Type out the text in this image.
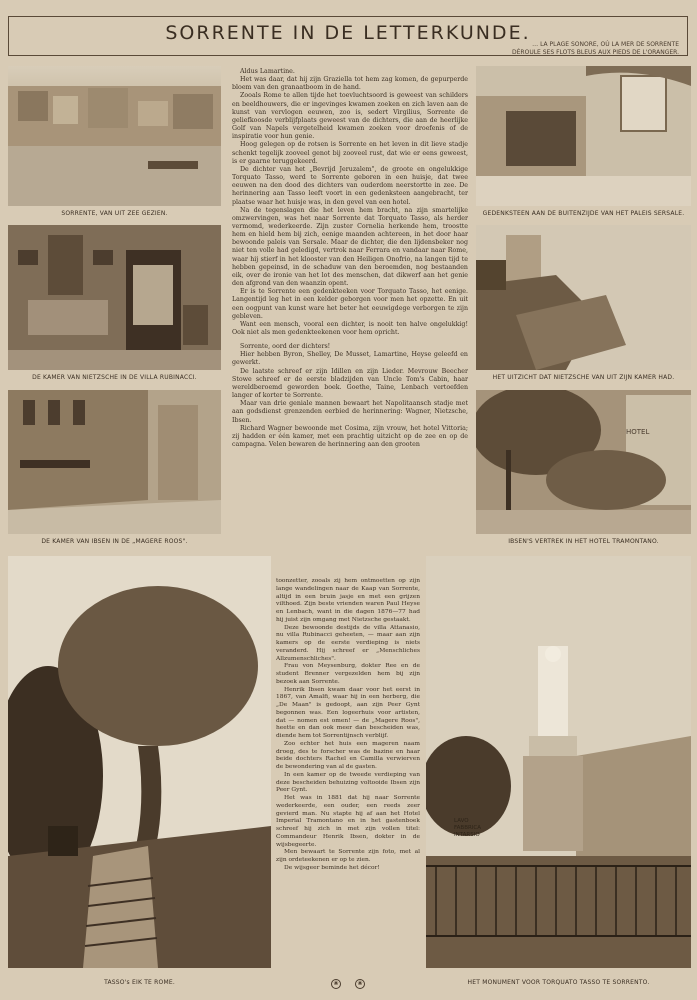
SORRENTE IN DE LETTERKUNDE.
… LA PLAGE SONORE, OÙ LA MER DE SORRENTE
DÉROULE SES FLOTS BLEUS AUX PIEDS DE L'ORANGER.
SORRENTE, VAN UIT ZEE GEZIEN.
DE KAMER VAN NIETZSCHE IN DE VILLA RUBINACCI.
DE KAMER VAN IBSEN IN DE „MAGERE ROOS".
GEDENKSTEEN AAN DE BUITENZIJDE VAN HET PALEIS SERSALE.
HET UITZICHT DAT NIETZSCHE VAN UIT ZIJN KAMER HAD.
HOTEL
IBSEN'S VERTREK IN HET HOTEL TRAMONTANO.
TASSO's EIK TE ROME.
LAVO
FABBRICA
INTARSIO
HET MONUMENT VOOR TORQUATO TASSO TE SORRENTO.

Aldus Lamartine.

Het was daar, dat hij zijn Graziella tot hem zag komen, de gepurperde bloem van den granaatboom in de hand.

Zooals Rome te allen tijde het toevluchtsoord is geweest van schilders en beeldhouwers, die er ingevinges kwamen zoeken en zich laven aan de kunst van vervlogen eeuwen, zoo is, sedert Virgilius, Sorrente de geliefkoosde verblijfplaats geweest van de dichters, die aan de heerlijke Golf van Napels vergetelheid kwamen zoeken voor droefenis of de inspiratie voor hun genie.

Hoog gelegen op de rotsen is Sorrente en het leven in dit lieve stadje schenkt tegelijk zooveel genot bij zooveel rust, dat wie er eens geweest, is er gaarne teruggekeerd.

De dichter van het „Bevrijd Jeruzalem", de groote en ongelukkige Torquato Tasso, werd te Sorrente geboren in een huisje, dat twee eeuwen na den dood des dichters van ouderdom neerstortte in zee. De herinnering aan Tasso leeft voort in een gedenksteen aangebracht, ter plaatse waar het huisje was, in den gevel van een hotel.

Na de tegenslagen die het leven hem bracht, na zijn smartelijke omzwervingen, was het naar Sorrente dat Torquato Tasso, als herder vermomd, wederkeerde. Zijn zuster Cornelia herkende hem, troostte hem en hield hem bij zich, eenige maanden achtereen, in het door haar bewoonde paleis van Sersale. Maar de dichter, die den lijdensbeker nog niet ten volle had geledigd, vertrok naar Ferrara en vandaar naar Rome, waar hij stierf in het klooster van den Heiligen Onofrio, na langen tijd te hebben gepeinsd, in de schaduw van den beroemden, nog bestaanden eik, over de ironie van het lot des menschen, dat dikwerf aan het genie den afgrond van den waanzin opent.

Er is te Sorrente een gedenkteeken voor Torquato Tasso, het eenige. Langentijd leg het in een kelder geborgen voor men het opzette. En uit een oogpunt van kunst ware het beter het eeuwigdege verborgen te zijn gebleven.

Want een mensch, vooral een dichter, is nooit ten halve ongelukkig! Ook niet als men gedenkteekenen voor hem opricht.

Sorrente, oord der dichters!

Hier hebben Byron, Shelley, De Musset, Lamartine, Heyse geleefd en gewerkt.

De laatste schreef er zijn Idillen en zijn Lieder. Mevrouw Beecher Stowe schreef er de eerste bladzijden van Uncle Tom's Cabin, haar wereldberoemd geworden boek. Goethe, Taine, Lenbach vertoefden langer of korter te Sorrente.

Maar van drie geniale mannen bewaart het Napolitaansch stadje met aan godsdienst grenzenden eerbied de herinnering: Wagner, Nietzsche, Ibsen.

Richard Wagner bewoonde met Cosima, zijn vrouw, het hotel Vittoria; zij hadden er één kamer, met een prachtig uitzicht op de zee en op de campagna. Velen bewaren de herinnering aan den grooten

toonzetter, zooals zij hem ontmoetten op zijn lange wandelingen naar de Kaap van Sorrente, altijd in een bruin jasje en met een grijzen vilthoed. Zijn beste vrienden waren Paul Heyse en Lenbach, want in die dagen 1876—77 had hij juist zijn omgang met Nietzsche gestaakt.

Deze bewoonde destijds de villa Attanasio, nu villa Rubinacci geheeten, — maar aan zijn kamers op de eerste verdieping is niets veranderd. Hij schreef er „Menschliches Allzumenschliches".

Frau von Meysenburg, dokter Ree en de student Brenner vergezelden hem bij zijn bezoek aan Sorrente.

Henrik Ibsen kwam daar voor het eerst in 1867, van Amalfi, waar hij in een herberg, die „De Maan" is gedoopt, aan zijn Peer Gynt begonnen was. Een logeerhuis voor artisten, dat — nomen est omen! — de „Magere Roos", heette en dan ook meer dan bescheiden was, diende hem tot Sorrentijnsch verblijf.

Zoo echter het huis een mageren naam droeg, des te forscher was de bazine en haar beide dochters Rachel en Camilla verwierven de bewondering van al de gasten.

In een kamer op de tweede verdieping van deze bescheiden behuizing voltooide Ibsen zijn Peer Gynt.

Het was in 1881 dat hij naar Sorrente wederkeerde, een ouder, een reeds zeer gevierd man. Nu stapte hij af aan het Hotel Imperial Tramontano en in het gastenboek schreef hij zich in met zijn vollen titel: Commandeur Henrik Ibsen, dokter in de wijsbegeerte.

Men bewaart te Sorrente zijn foto, met al zijn ordeteekenen er op te zien.

De wijsgeer beminde het décor!

❀	❀
